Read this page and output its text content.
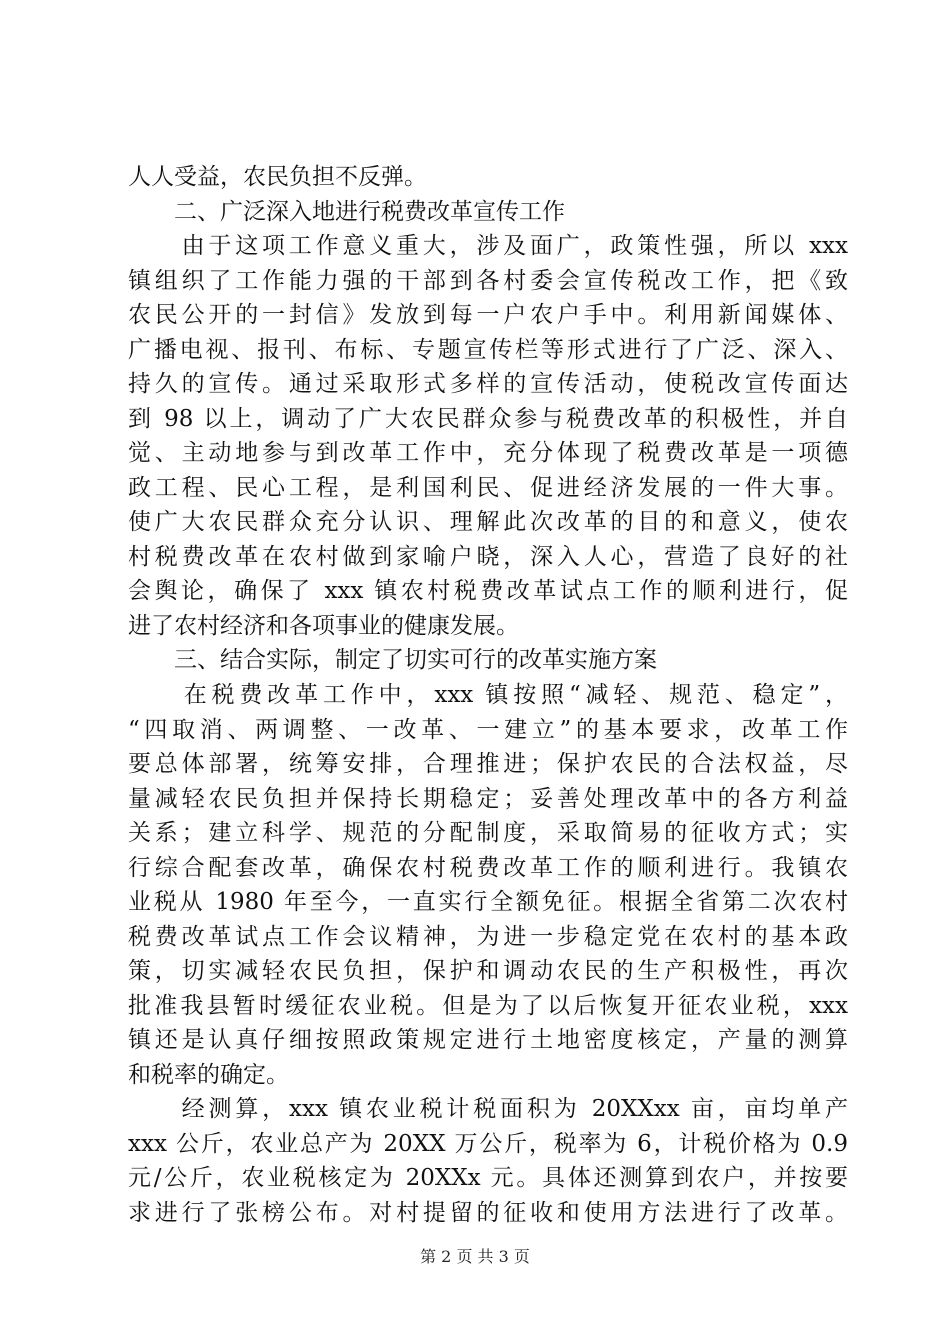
人人受益，农民负担不反弹。
　　二、广泛深入地进行税费改革宣传工作
　　由于这项工作意义重大，涉及面广，政策性强，所以 xxx
镇组织了工作能力强的干部到各村委会宣传税改工作，把《致
农民公开的一封信》发放到每一户农户手中。利用新闻媒体、
广播电视、报刊、布标、专题宣传栏等形式进行了广泛、深入、
持久的宣传。通过采取形式多样的宣传活动，使税改宣传面达
到 98 以上，调动了广大农民群众参与税费改革的积极性，并自
觉、主动地参与到改革工作中，充分体现了税费改革是一项德
政工程、民心工程，是利国利民、促进经济发展的一件大事。
使广大农民群众充分认识、理解此次改革的目的和意义，使农
村税费改革在农村做到家喻户晓，深入人心，营造了良好的社
会舆论，确保了 xxx 镇农村税费改革试点工作的顺利进行，促
进了农村经济和各项事业的健康发展。
　　三、结合实际，制定了切实可行的改革实施方案
　　在税费改革工作中，xxx 镇按照“减轻、规范、稳定”，
“四取消、两调整、一改革、一建立”的基本要求，改革工作
要总体部署，统筹安排，合理推进；保护农民的合法权益，尽
量减轻农民负担并保持长期稳定；妥善处理改革中的各方利益
关系；建立科学、规范的分配制度，采取简易的征收方式；实
行综合配套改革，确保农村税费改革工作的顺利进行。我镇农
业税从 1980 年至今，一直实行全额免征。根据全省第二次农村
税费改革试点工作会议精神，为进一步稳定党在农村的基本政
策，切实减轻农民负担，保护和调动农民的生产积极性，再次
批准我县暂时缓征农业税。但是为了以后恢复开征农业税，xxx
镇还是认真仔细按照政策规定进行土地密度核定，产量的测算
和税率的确定。
　　经测算，xxx 镇农业税计税面积为 20XXxx 亩，亩均单产
xxx 公斤，农业总产为 20XX 万公斤，税率为 6，计税价格为 0.9
元/公斤，农业税核定为 20XXx 元。具体还测算到农户，并按要
求进行了张榜公布。对村提留的征收和使用方法进行了改革。
第 2 页 共 3 页
